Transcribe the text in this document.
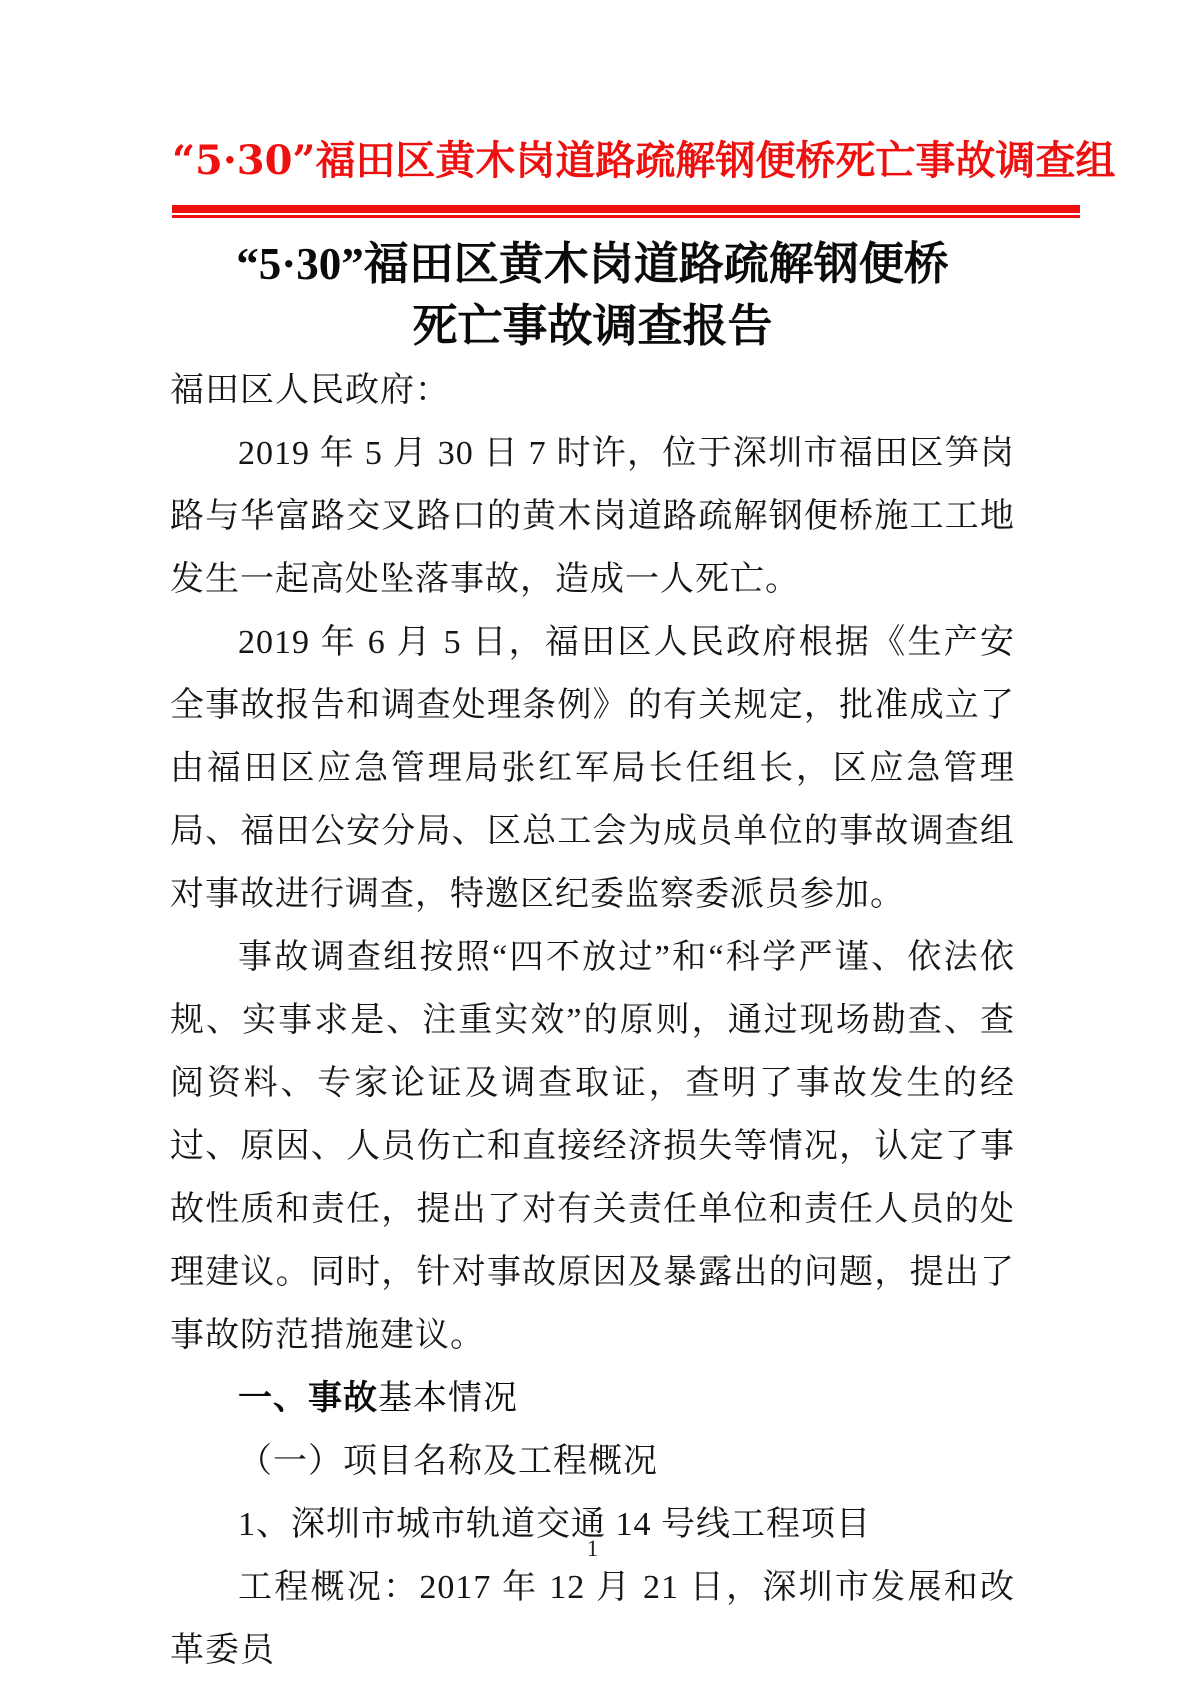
“5·30”福田区黄木岗道路疏解钢便桥死亡事故调查组
“5·30”福田区黄木岗道路疏解钢便桥
死亡事故调查报告

福田区人民政府：

2019 年 5 月 30 日 7 时许，位于深圳市福田区笋岗路与华富路交叉路口的黄木岗道路疏解钢便桥施工工地发生一起高处坠落事故，造成一人死亡。

2019 年 6 月 5 日，福田区人民政府根据《生产安全事故报告和调查处理条例》的有关规定，批准成立了由福田区应急管理局张红军局长任组长，区应急管理局、福田公安分局、区总工会为成员单位的事故调查组对事故进行调查，特邀区纪委监察委派员参加。

事故调查组按照“四不放过”和“科学严谨、依法依规、实事求是、注重实效”的原则，通过现场勘查、查阅资料、专家论证及调查取证，查明了事故发生的经过、原因、人员伤亡和直接经济损失等情况，认定了事故性质和责任，提出了对有关责任单位和责任人员的处理建议。同时，针对事故原因及暴露出的问题，提出了事故防范措施建议。

一、事故基本情况

（一）项目名称及工程概况

1、深圳市城市轨道交通 14 号线工程项目

工程概况：2017 年 12 月 21 日，深圳市发展和改革委员

1
